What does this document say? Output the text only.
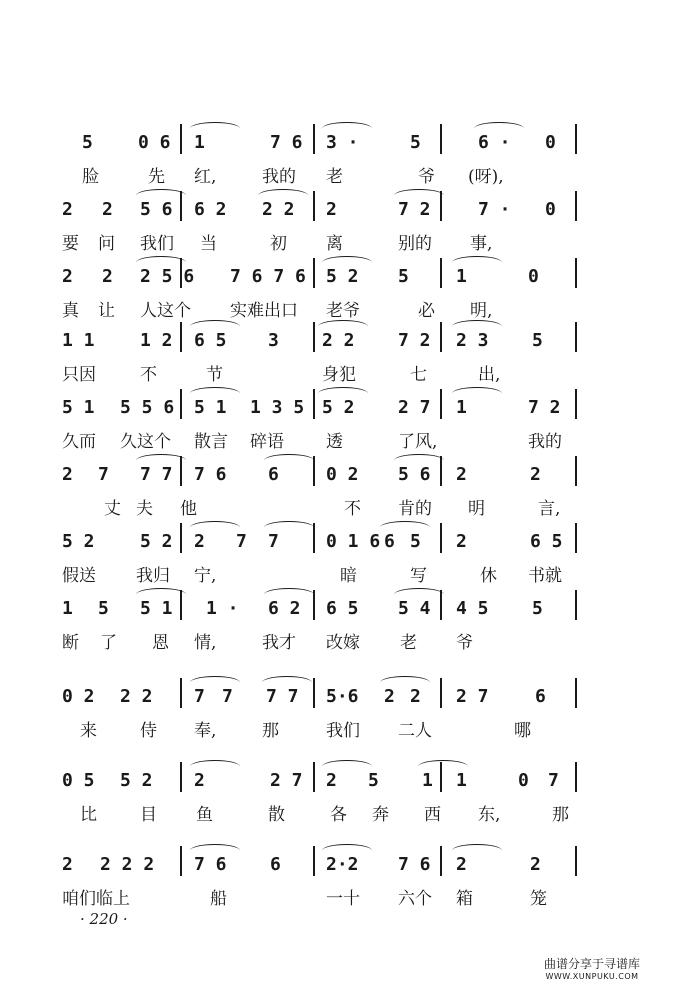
5	0 6 1	7 6 3 ·	5	6 · 0
脸	先 红,	我的 老	爷 (呀),
2 2 5 6 6 2 2 2 2	7 2	7 · 0
要 问 我们 当	初 离	别的 事,
2 2 2 5 6 7 6 7 6 5 2 5	1	0
真 让 人这个 实难出口 老爷	必 明,
1 1	1 2 6 5 3 2 2 7 2 2 3 5
只因	不	节	身犯	七	出,
5 1 5 5 6 5 1 1 3 5 5 2 2 7 1	7 2
久而 久这个 散言 碎语 透	了风,	我的
2 7 7 7 7 6 6	0 2 5 6 2	2
丈 夫 他	不 肯的 明	言,
5 2	5 2 2 7 7	0 1 6 6 5 2	6 5
假送 我归 宁,	暗	写	休 书就
1 5 5 1 1 · 6 2 6 5 5 4 4 5 5
断 了 恩 情,	我才 改嫁 老 爷
0 2 2 2 7 7 7 7 5·6 2 2 2 7	6
来	侍 奉,	那	我们 二人	哪
0 5 5 2 2	2 7 2 5 1 1	0 7
比	目 鱼	散	各 奔 西 东,	那
2 2 2 2 7 6 6	2·2 7 6 2	2
咱们临上	船	一十 六个 箱	笼
· 220 ·
曲谱分享于寻谱库
WWW.XUNPUKU.COM
